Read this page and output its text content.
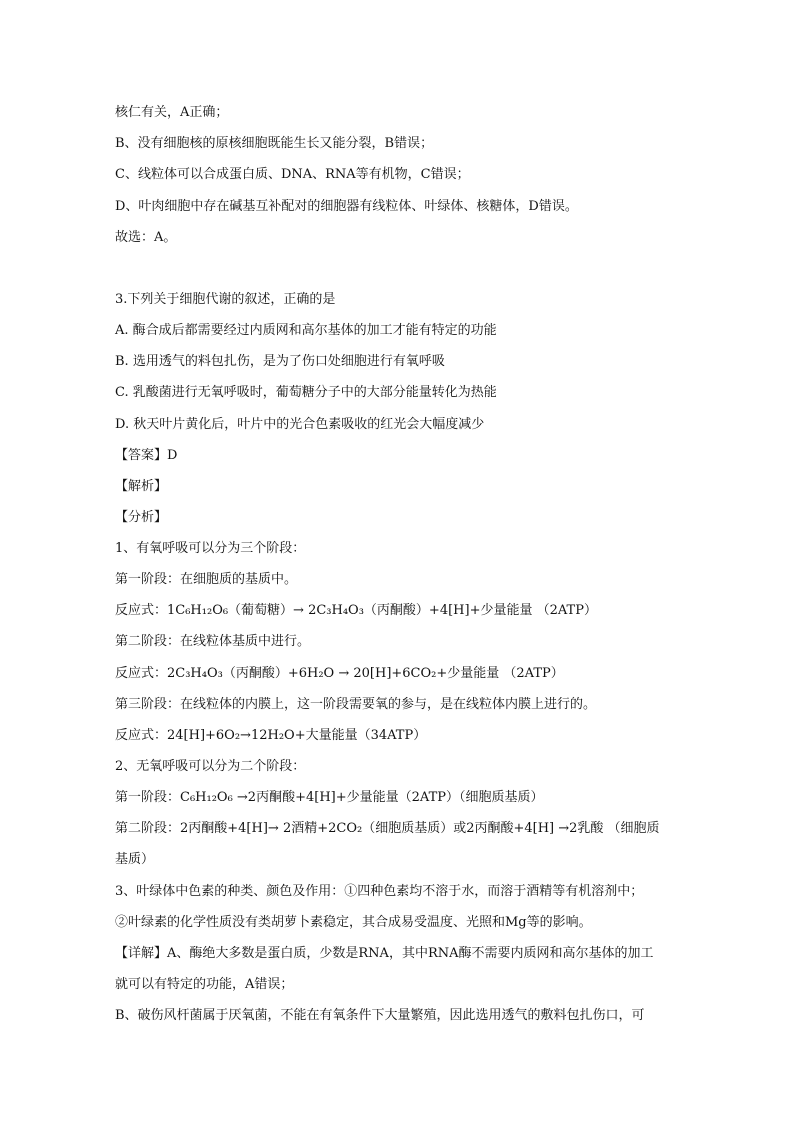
核仁有关，A正确；
B、没有细胞核的原核细胞既能生长又能分裂，B错误；
C、线粒体可以合成蛋白质、DNA、RNA等有机物，C错误；
D、叶肉细胞中存在碱基互补配对的细胞器有线粒体、叶绿体、核糖体，D错误。
故选：A。
3.下列关于细胞代谢的叙述，正确的是
A. 酶合成后都需要经过内质网和高尔基体的加工才能有特定的功能
B. 选用透气的料包扎伤，是为了伤口处细胞进行有氧呼吸
C. 乳酸菌进行无氧呼吸时，葡萄糖分子中的大部分能量转化为热能
D. 秋天叶片黄化后，叶片中的光合色素吸收的红光会大幅度减少
【答案】D
【解析】
【分析】
1、有氧呼吸可以分为三个阶段：
第一阶段：在细胞质的基质中。
反应式：1C₆H₁₂O₆（葡萄糖）→ 2C₃H₄O₃（丙酮酸）+4[H]+少量能量 （2ATP）
第二阶段：在线粒体基质中进行。
反应式：2C₃H₄O₃（丙酮酸）+6H₂O → 20[H]+6CO₂+少量能量 （2ATP）
第三阶段：在线粒体的内膜上，这一阶段需要氧的参与，是在线粒体内膜上进行的。
反应式：24[H]+6O₂→12H₂O+大量能量（34ATP）
2、无氧呼吸可以分为二个阶段：
第一阶段：C₆H₁₂O₆ →2丙酮酸+4[H]+少量能量（2ATP）（细胞质基质）
第二阶段：2丙酮酸+4[H]→ 2酒精+2CO₂（细胞质基质）或2丙酮酸+4[H] →2乳酸 （细胞质
基质）
3、叶绿体中色素的种类、颜色及作用：①四种色素均不溶于水，而溶于酒精等有机溶剂中；
②叶绿素的化学性质没有类胡萝卜素稳定，其合成易受温度、光照和Mg等的影响。
【详解】A、酶绝大多数是蛋白质，少数是RNA，其中RNA酶不需要内质网和高尔基体的加工
就可以有特定的功能，A错误；
B、破伤风杆菌属于厌氧菌，不能在有氧条件下大量繁殖，因此选用透气的敷料包扎伤口，可
